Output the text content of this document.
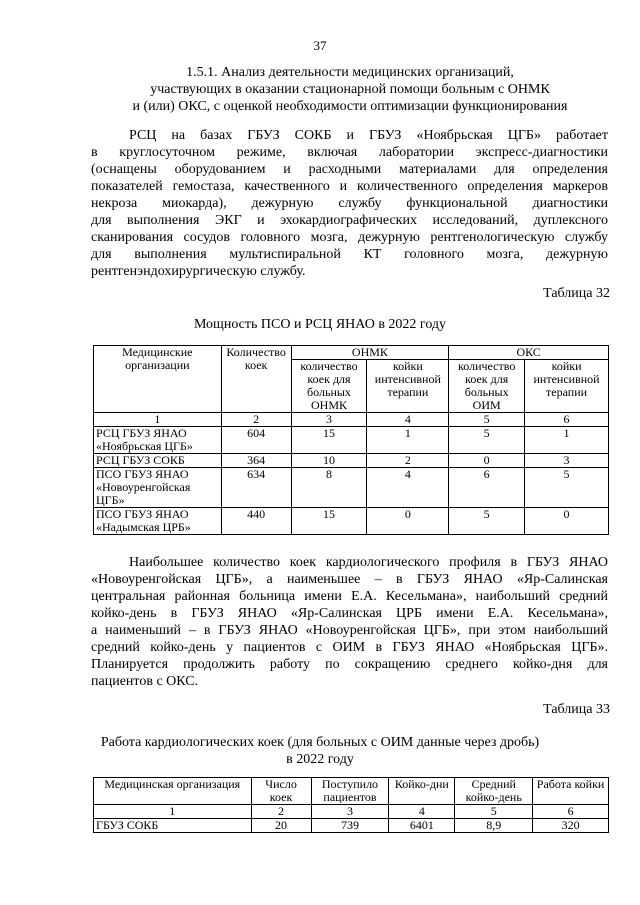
37
1.5.1. Анализ деятельности медицинских организаций,
участвующих в оказании стационарной помощи больным с ОНМК
и (или) ОКС, с оценкой необходимости оптимизации функционирования
РСЦ на базах ГБУЗ СОКБ и ГБУЗ «Ноябрьская ЦГБ» работает
в круглосуточном режиме, включая лаборатории экспресс-диагностики
(оснащены оборудованием и расходными материалами для определения
показателей гемостаза, качественного и количественного определения маркеров
некроза миокарда), дежурную службу функциональной диагностики
для выполнения ЭКГ и эхокардиографических исследований, дуплексного
сканирования сосудов головного мозга, дежурную рентгенологическую службу
для выполнения мультиспиральной КТ головного мозга, дежурную
рентгенэндохирургическую службу.
Таблица 32
Мощность ПСО и РСЦ ЯНАО в 2022 году
Медицинские организации	Количество коек	ОНМК		ОКС	
		количество коек для больных ОНМК	койки интенсивной терапии	количество коек для больных ОИМ	койки интенсивной терапии
1	2	3	4	5	6
РСЦ ГБУЗ ЯНАО «Ноябрьская ЦГБ»	604	15	1	5	1
РСЦ ГБУЗ СОКБ	364	10	2	0	3
ПСО ГБУЗ ЯНАО «Новоуренгойская ЦГБ»	634	8	4	6	5
ПСО ГБУЗ ЯНАО «Надымская ЦРБ»	440	15	0	5	0
Наибольшее количество коек кардиологического профиля в ГБУЗ ЯНАО
«Новоуренгойская ЦГБ», а наименьшее – в ГБУЗ ЯНАО «Яр-Салинская
центральная районная больница имени Е.А. Кесельмана», наибольший средний
койко-день в ГБУЗ ЯНАО «Яр-Салинская ЦРБ имени Е.А. Кесельмана»,
а наименьший – в ГБУЗ ЯНАО «Новоуренгойская ЦГБ», при этом наибольший
средний койко-день у пациентов с ОИМ в ГБУЗ ЯНАО «Ноябрьская ЦГБ».
Планируется продолжить работу по сокращению среднего койко-дня для
пациентов с ОКС.
Таблица 33
Работа кардиологических коек (для больных с ОИМ данные через дробь)
в 2022 году
Медицинская организация	Число коек	Поступило пациентов	Койко-дни	Средний койко-день	Работа койки
1	2	3	4	5	6
ГБУЗ СОКБ	20	739	6401	8,9	320
